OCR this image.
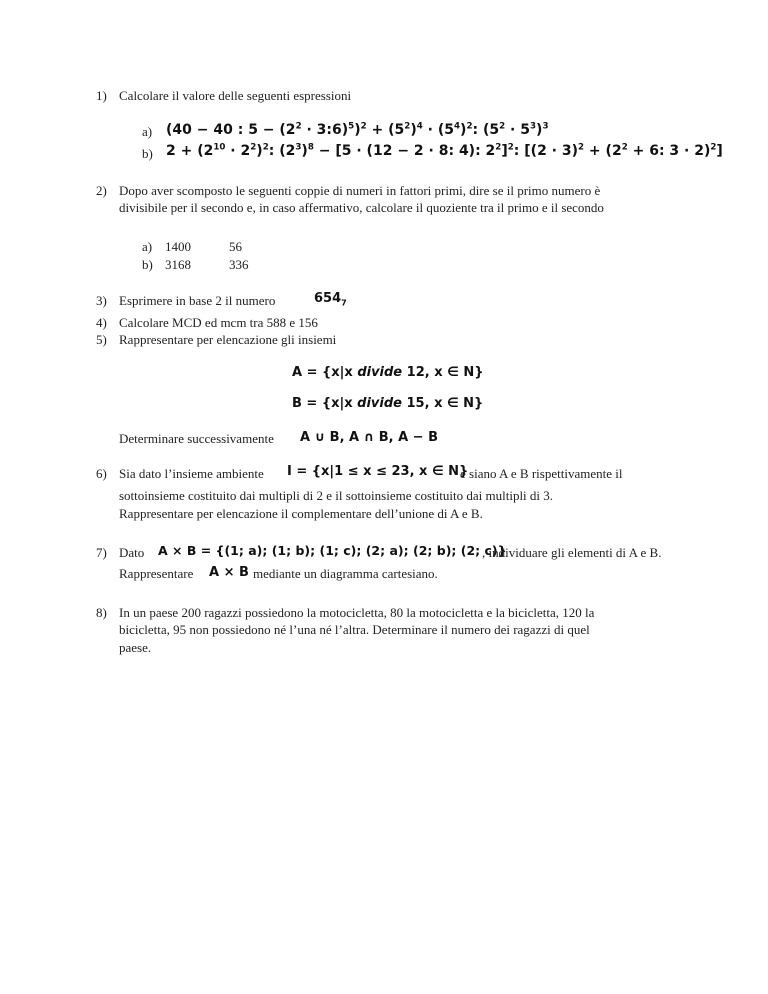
1) Calcolare il valore delle seguenti espressioni
a) (40 − 40 : $5 - (2^2$ · 3:6)$^5$)$^2$ + $(5^2)^4 \cdot (5^4)^2$: $(5^2 \cdot 5^3)^3$
b) $2 + (2^{10} \cdot 2^2)^2$: $(2^3)^8 - [5 \cdot (12 - 2 \cdot 8$: 4): $2^2]^2$: [$(2 \cdot 3)^2 + (2^2 + 6$: 3 · 2)$^2$]
2) Dopo aver scomposto le seguenti coppie di numeri in fattori primi, dire se il primo numero è
divisibile per il secondo e, in caso affermativo, calcolare il quoziente tra il primo e il secondo
a) 1400	56
b) 3168	336
3) Esprimere in base 2 il numero	$654_7$
4) Calcolare MCD ed mcm tra 588 e 156
5) Rappresentare per elencazione gli insiemi
A = {x|x divide 12, x ∈ N}
B = {x|x divide 15, x ∈ N}
Determinare successivamente A ∪ B, A ∩ B, A − B
6) Sia dato l’insieme ambiente I = {x|1 ≤ x ≤ 23, x ∈ N}
e siano A e B rispettivamente il
sottoinsieme costituito dai multipli di 2 e il sottoinsieme costituito dai multipli di 3.
Rappresentare per elencazione il complementare dell’unione di A e B.
7) Dato A × B = {(1; a); (1; b); (1; c); (2; a); (2; b); (2; c)}
, individuare gli elementi di A e B.
Rappresentare A × B mediante un diagramma cartesiano.
8) In un paese 200 ragazzi possiedono la motocicletta, 80 la motocicletta e la bicicletta, 120 la
bicicletta, 95 non possiedono né l’una né l’altra. Determinare il numero dei ragazzi di quel
paese.
